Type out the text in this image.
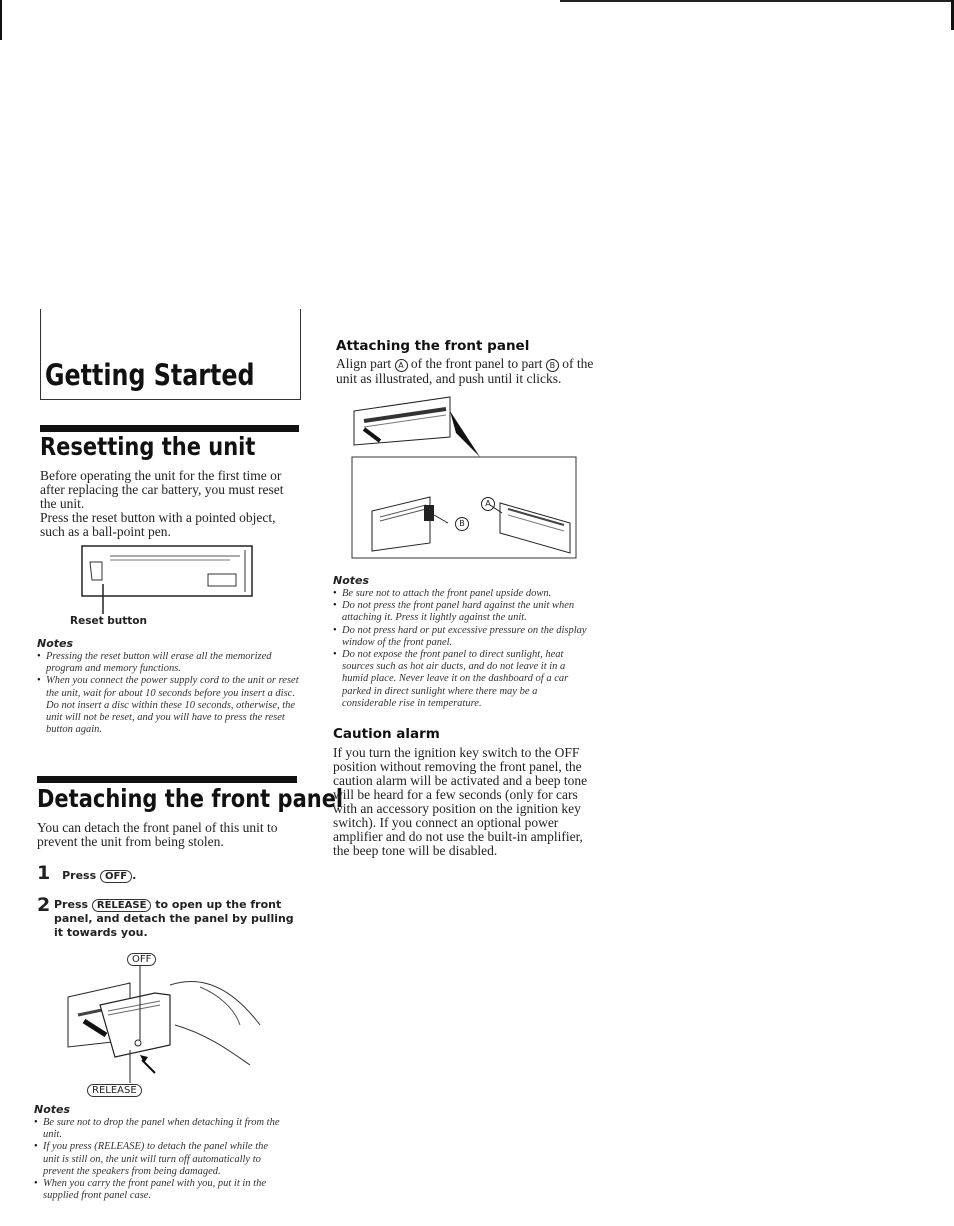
Getting Started
Resetting the unit
Before operating the unit for the first time or after replacing the car battery, you must reset the unit.
Press the reset button with a pointed object, such as a ball-point pen.
Reset button
Notes
• Pressing the reset button will erase all the memorized program and memory functions.
• When you connect the power supply cord to the unit or reset the unit, wait for about 10 seconds before you insert a disc. Do not insert a disc within these 10 seconds, otherwise, the unit will not be reset, and you will have to press the reset button again.
Detaching the front panel
You can detach the front panel of this unit to prevent the unit from being stolen.
1 Press OFF .
2 Press RELEASE to open up the front panel, and detach the panel by pulling it towards you.
OFF
RELEASE
Notes
• Be sure not to drop the panel when detaching it from the unit.
• If you press (RELEASE) to detach the panel while the unit is still on, the unit will turn off automatically to prevent the speakers from being damaged.
• When you carry the front panel with you, put it in the supplied front panel case.
Attaching the front panel
Align part A of the front panel to part B of the unit as illustrated, and push until it clicks.
A
B
Notes
• Be sure not to attach the front panel upside down.
• Do not press the front panel hard against the unit when attaching it. Press it lightly against the unit.
• Do not press hard or put excessive pressure on the display window of the front panel.
• Do not expose the front panel to direct sunlight, heat sources such as hot air ducts, and do not leave it in a humid place. Never leave it on the dashboard of a car parked in direct sunlight where there may be a considerable rise in temperature.
Caution alarm
If you turn the ignition key switch to the OFF position without removing the front panel, the caution alarm will be activated and a beep tone will be heard for a few seconds (only for cars with an accessory position on the ignition key switch). If you connect an optional power amplifier and do not use the built-in amplifier, the beep tone will be disabled.
